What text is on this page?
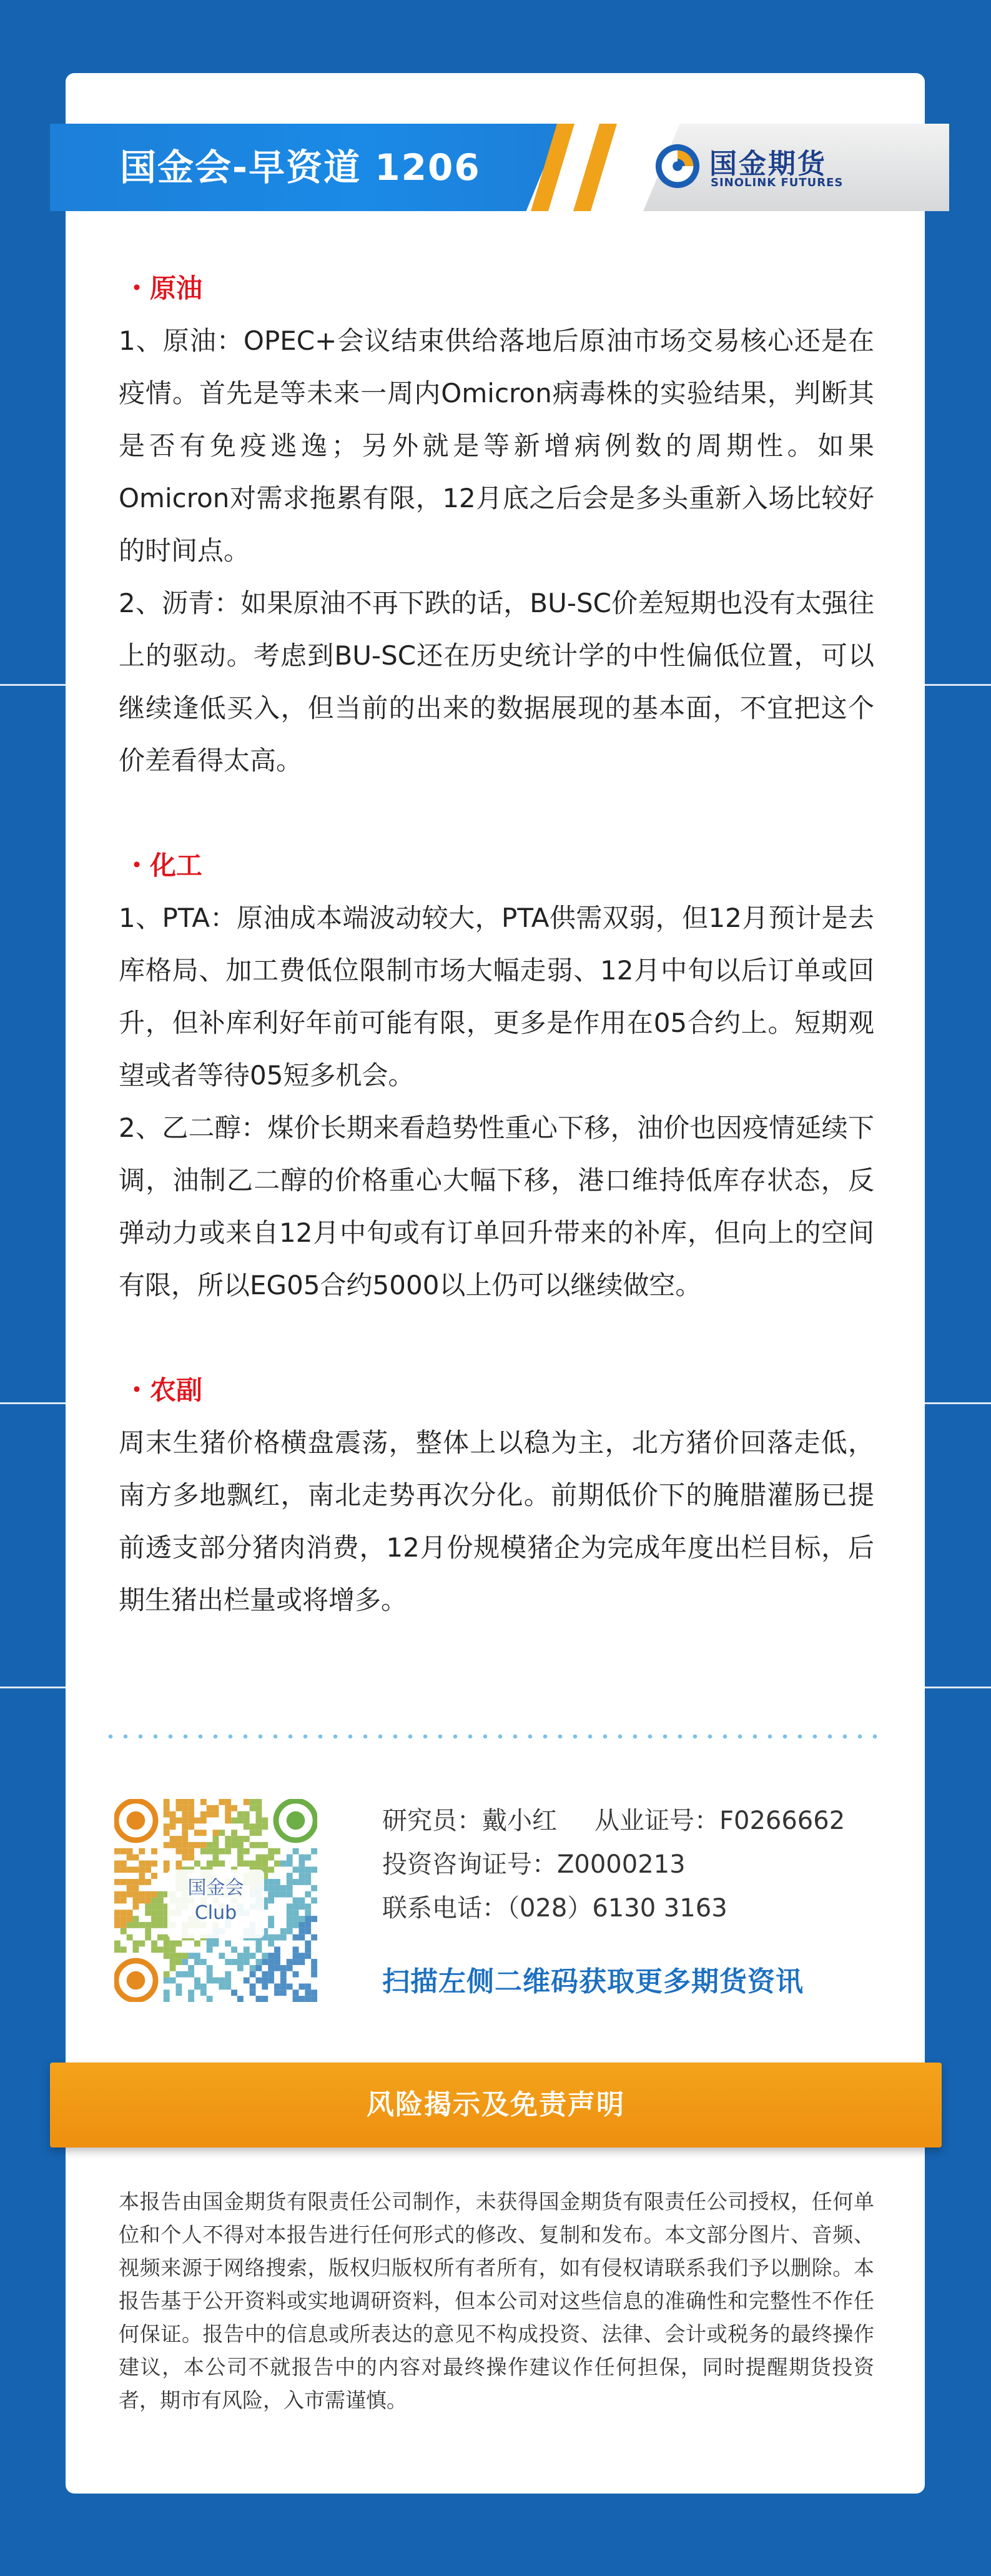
国金会-早资道 1206	国金期货
SINOLINK FUTURES
・原油

1、原油：OPEC+会议结束供给落地后原油市场交易核心还是在疫情。首先是等未来一周内Omicron病毒株的实验结果，判断其是否有免疫逃逸；另外就是等新增病例数的周期性。如果Omicron对需求拖累有限，12月底之后会是多头重新入场比较好的时间点。

2、沥青：如果原油不再下跌的话，BU-SC价差短期也没有太强往上的驱动。考虑到BU-SC还在历史统计学的中性偏低位置，可以继续逢低买入，但当前的出来的数据展现的基本面，不宜把这个价差看得太高。

・化工

1、PTA：原油成本端波动较大，PTA供需双弱，但12月预计是去库格局、加工费低位限制市场大幅走弱、12月中旬以后订单或回升，但补库利好年前可能有限，更多是作用在05合约上。短期观望或者等待05短多机会。

2、乙二醇：煤价长期来看趋势性重心下移，油价也因疫情延续下调，油制乙二醇的价格重心大幅下移，港口维持低库存状态，反弹动力或来自12月中旬或有订单回升带来的补库，但向上的空间有限，所以EG05合约5000以上仍可以继续做空。

・农副

周末生猪价格横盘震荡，整体上以稳为主，北方猪价回落走低，南方多地飘红，南北走势再次分化。前期低价下的腌腊灌肠已提前透支部分猪肉消费，12月份规模猪企为完成年度出栏目标，后期生猪出栏量或将增多。

国金会
Club
研究员：戴小红 从业证号：F0266662
投资咨询证号：Z0000213
联系电话：（028）6130 3163
扫描左侧二维码获取更多期货资讯
风险揭示及免责声明
本报告由国金期货有限责任公司制作，未获得国金期货有限责任公司授权，任何单位和个人不得对本报告进行任何形式的修改、复制和发布。本文部分图片、音频、视频来源于网络搜索，版权归版权所有者所有，如有侵权请联系我们予以删除。本报告基于公开资料或实地调研资料，但本公司对这些信息的准确性和完整性不作任何保证。报告中的信息或所表达的意见不构成投资、法律、会计或税务的最终操作建议，本公司不就报告中的内容对最终操作建议作任何担保，同时提醒期货投资者，期市有风险，入市需谨慎。
